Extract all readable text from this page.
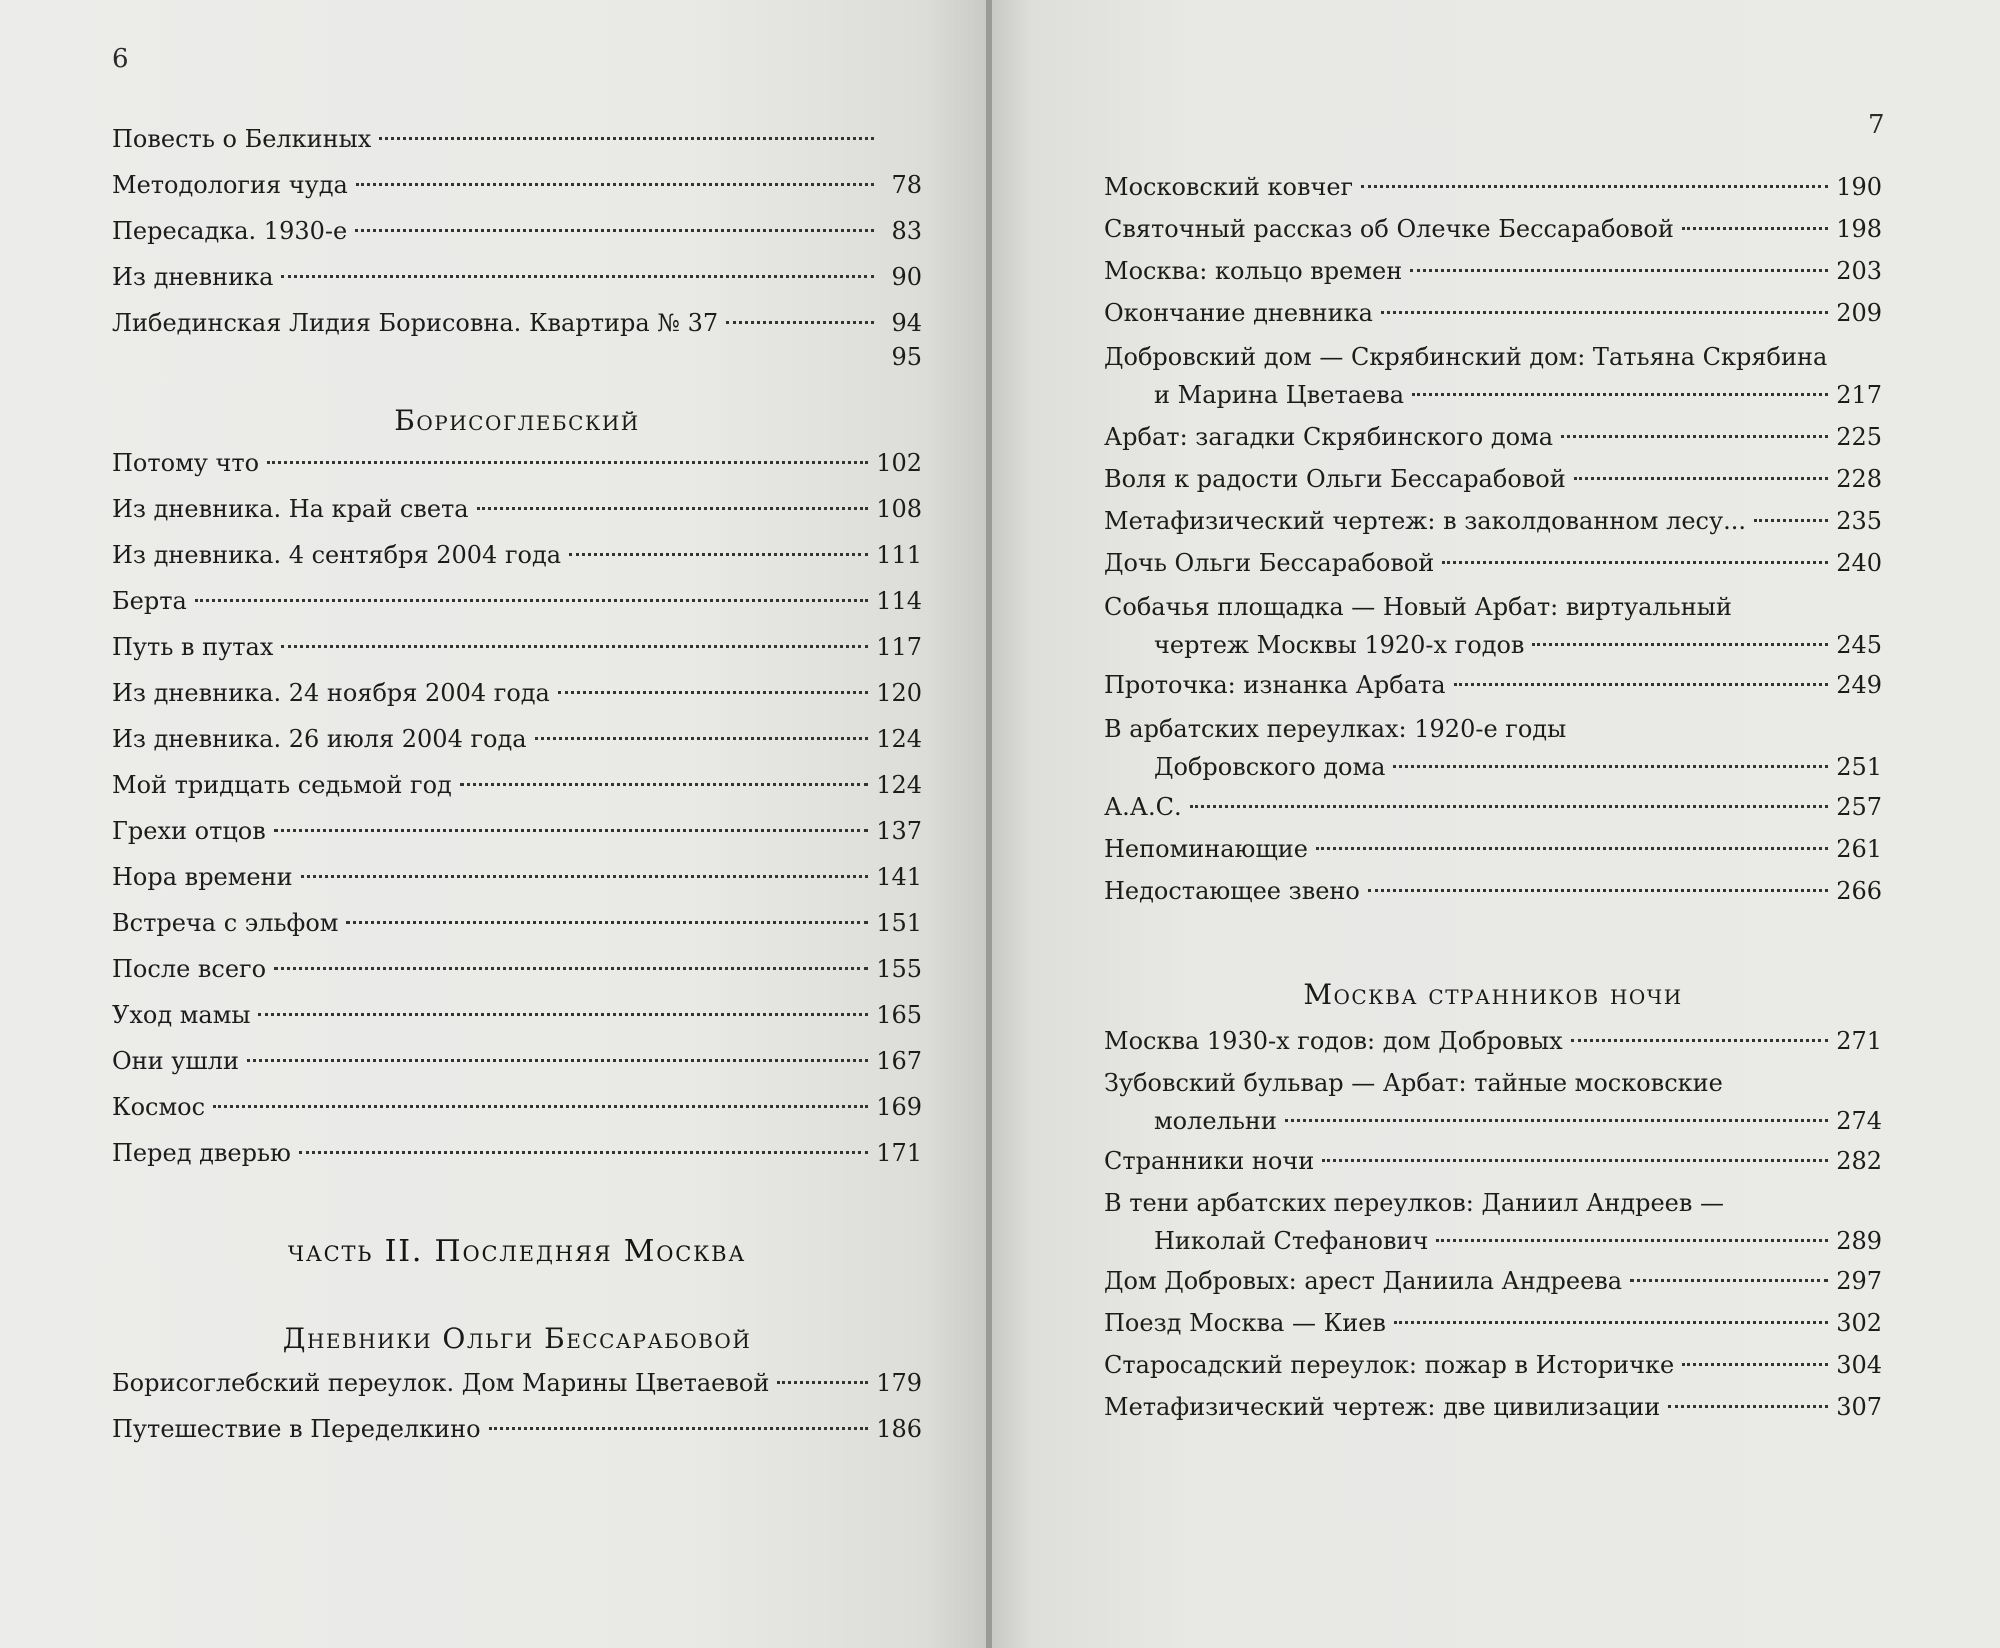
6
Повесть о Белкиных
Методология чуда	78
Пересадка. 1930-е	83
Из дневника	90
Либединская Лидия Борисовна. Квартира № 37	94
95
Борисоглебский
Потому что	102
Из дневника. На край света	108
Из дневника. 4 сентября 2004 года	111
Берта	114
Путь в путах	117
Из дневника. 24 ноября 2004 года	120
Из дневника. 26 июля 2004 года	124
Мой тридцать седьмой год	124
Грехи отцов	137
Нора времени	141
Встреча с эльфом	151
После всего	155
Уход мамы	165
Они ушли	167
Космос	169
Перед дверью	171
часть II. Последняя Москва
Дневники Ольги Бессарабовой
Борисоглебский переулок. Дом Марины Цветаевой	179
Путешествие в Переделкино	186
7
Московский ковчег	190
Святочный рассказ об Олечке Бессарабовой	198
Москва: кольцо времен	203
Окончание дневника	209
Добровский дом — Скрябинский дом: Татьяна Скрябина
и Марина Цветаева	217
Арбат: загадки Скрябинского дома	225
Воля к радости Ольги Бессарабовой	228
Метафизический чертеж: в заколдованном лесу...	235
Дочь Ольги Бессарабовой	240
Собачья площадка — Новый Арбат: виртуальный
чертеж Москвы 1920-х годов	245
Проточка: изнанка Арбата	249
В арбатских переулках: 1920-е годы
Добровского дома	251
А.А.С.	257
Непоминающие	261
Недостающее звено	266
Москва странников ночи
Москва 1930-х годов: дом Добровых	271
Зубовский бульвар — Арбат: тайные московские
молельни	274
Странники ночи	282
В тени арбатских переулков: Даниил Андреев —
Николай Стефанович	289
Дом Добровых: арест Даниила Андреева	297
Поезд Москва — Киев	302
Старосадский переулок: пожар в Историчке	304
Метафизический чертеж: две цивилизации	307
